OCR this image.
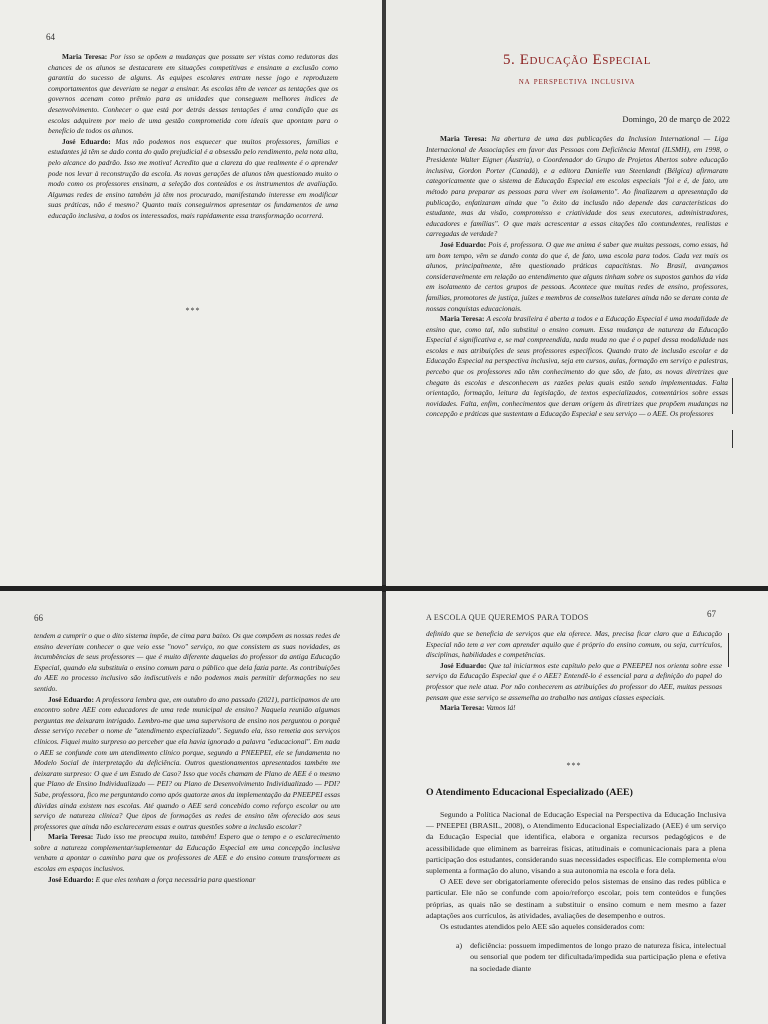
64

Maria Teresa: Por isso se opõem a mudanças que possam ser vistas como redutoras das chances de os alunos se destacarem em situações competitivas e ensinam a exclusão como garantia do sucesso de alguns. As equipes escolares entram nesse jogo e reproduzem comportamentos que deveriam se negar a ensinar. As escolas têm de vencer as tentações que os governos acenam como prêmio para as unidades que conseguem melhores índices de desenvolvimento. Conhecer o que está por detrás dessas tentações é uma condição que as escolas adquirem por meio de uma gestão comprometida com ideais que apontam para o benefício de todos os alunos.

José Eduardo: Mas não podemos nos esquecer que muitos professores, famílias e estudantes já têm se dado conta do quão prejudicial é a obsessão pelo rendimento, pela nota alta, pelo alcance do padrão. Isso me motiva! Acredito que a clareza do que realmente é o aprender pode nos levar à reconstrução da escola. As novas gerações de alunos têm questionado muito o modo como os professores ensinam, a seleção dos conteúdos e os instrumentos de avaliação. Algumas redes de ensino também já têm nos procurado, manifestando interesse em modificar suas práticas, não é mesmo? Quanto mais conseguirmos apresentar os fundamentos de uma educação inclusiva, a todos os interessados, mais rapidamente essa transformação ocorrerá.

***
5. Educação Especial
na perspectiva inclusiva
Domingo, 20 de março de 2022

Maria Teresa: Na abertura de uma das publicações da Inclusion International — Liga Internacional de Associações em favor das Pessoas com Deficiência Mental (ILSMH), em 1998, o Presidente Walter Eigner (Áustria), o Coordenador do Grupo de Projetos Abertos sobre educação inclusiva, Gordon Porter (Canadá), e a editora Danielle van Steenlandt (Bélgica) afirmaram categoricamente que o sistema de Educação Especial em escolas especiais "foi e é, de fato, um método para preparar as pessoas para viver em isolamento". Ao finalizarem a apresentação da publicação, enfatizaram ainda que "o êxito da inclusão não depende das características do estudante, mas da visão, compromisso e criatividade dos seus executores, administradores, educadores e famílias". O que mais acrescentar a essas citações tão contundentes, realistas e carregadas de verdade?

José Eduardo: Pois é, professora. O que me anima é saber que muitas pessoas, como essas, há um bom tempo, vêm se dando conta do que é, de fato, uma escola para todos. Cada vez mais os alunos, principalmente, têm questionado práticas capacitistas. No Brasil, avançamos consideravelmente em relação ao entendimento que alguns tinham sobre os supostos ganhos da vida em isolamento de certos grupos de pessoas. Acontece que muitas redes de ensino, professores, famílias, promotores de justiça, juízes e membros de conselhos tutelares ainda não se deram conta de nossas conquistas educacionais.

Maria Teresa: A escola brasileira é aberta a todos e a Educação Especial é uma modalidade de ensino que, como tal, não substitui o ensino comum. Essa mudança de natureza da Educação Especial é significativa e, se mal compreendida, nada muda no que é o papel dessa modalidade nas escolas e nas atribuições de seus professores específicos. Quando trato de inclusão escolar e da Educação Especial na perspectiva inclusiva, seja em cursos, aulas, formação em serviço e palestras, percebo que os professores não têm conhecimento do que são, de fato, as novas diretrizes que chegam às escolas e desconhecem as razões pelas quais estão sendo implementadas. Falta orientação, formação, leitura da legislação, de textos especializados, comentários sobre essas novidades. Falta, enfim, conhecimentos que deram origem às diretrizes que propõem mudanças na concepção e práticas que sustentam a Educação Especial e seu serviço — o AEE. Os professores

66

tendem a cumprir o que o dito sistema impõe, de cima para baixo. Os que compõem as nossas redes de ensino deveriam conhecer o que veio esse "novo" serviço, no que consistem as suas novidades, as incumbências de seus professores — que é muito diferente daquelas do professor da antiga Educação Especial, quando ela substituía o ensino comum para o público que dela fazia parte. As contribuições do AEE no processo inclusivo são indiscutíveis e não podemos mais permitir deformações no seu sentido.

José Eduardo: A professora lembra que, em outubro do ano passado (2021), participamos de um encontro sobre AEE com educadores de uma rede municipal de ensino? Naquela reunião algumas perguntas me deixaram intrigado. Lembro-me que uma supervisora de ensino nos perguntou o porquê desse serviço receber o nome de "atendimento especializado". Segundo ela, isso remetia aos serviços clínicos. Fiquei muito surpreso ao perceber que ela havia ignorado a palavra "educacional". Em nada o AEE se confunde com um atendimento clínico porque, segundo a PNEEPEI, ele se fundamenta no Modelo Social de interpretação da deficiência. Outros questionamentos apresentados também me deixaram surpreso: O que é um Estudo de Caso? Isso que vocês chamam de Plano de AEE é o mesmo que Plano de Ensino Individualizado — PEI? ou Plano de Desenvolvimento Individualizado — PDI? Sabe, professora, fico me perguntando como após quatorze anos da implementação da PNEEPEI essas dúvidas ainda existem nas escolas. Até quando o AEE será concebido como reforço escolar ou um serviço de natureza clínica? Que tipos de formações as redes de ensino têm oferecido aos seus professores que ainda não esclareceram essas e outras questões sobre a inclusão escolar?

Maria Teresa: Tudo isso me preocupa muito, também! Espero que o tempo e o esclarecimento sobre a natureza complementar/suplementar da Educação Especial em uma concepção inclusiva venham a apontar o caminho para que os professores de AEE e do ensino comum transformem as escolas em espaços inclusivos.

José Eduardo: E que eles tenham a força necessária para questionar

A ESCOLA QUE QUEREMOS PARA TODOS	67

definido que se beneficia de serviços que ela oferece. Mas, precisa ficar claro que a Educação Especial não tem a ver com aprender aquilo que é próprio do ensino comum, ou seja, currículos, disciplinas, habilidades e competências.

José Eduardo: Que tal iniciarmos este capítulo pelo que a PNEEPEI nos orienta sobre esse serviço da Educação Especial que é o AEE? Entendê-lo é essencial para a definição do papel do professor que nele atua. Por não conhecerem as atribuições do professor do AEE, muitas pessoas pensam que esse serviço se assemelha ao trabalho nas antigas classes especiais.

Maria Teresa: Vamos lá!

***
O Atendimento Educacional Especializado (AEE)

Segundo a Política Nacional de Educação Especial na Perspectiva da Educação Inclusiva — PNEEPEI (BRASIL, 2008), o Atendimento Educacional Especializado (AEE) é um serviço da Educação Especial que identifica, elabora e organiza recursos pedagógicos e de acessibilidade que eliminem as barreiras físicas, atitudinais e comunicacionais para a plena participação dos estudantes, considerando suas necessidades específicas. Ele complementa e/ou suplementa a formação do aluno, visando a sua autonomia na escola e fora dela.

O AEE deve ser obrigatoriamente oferecido pelos sistemas de ensino das redes pública e particular. Ele não se confunde com apoio/reforço escolar, pois tem conteúdos e funções próprias, as quais não se destinam a substituir o ensino comum e nem mesmo a fazer adaptações aos currículos, às atividades, avaliações de desempenho e outros.

Os estudantes atendidos pelo AEE são aqueles considerados com:

a) deficiência: possuem impedimentos de longo prazo de natureza física, intelectual ou sensorial que podem ter dificultada/impedida sua participação plena e efetiva na sociedade diante
